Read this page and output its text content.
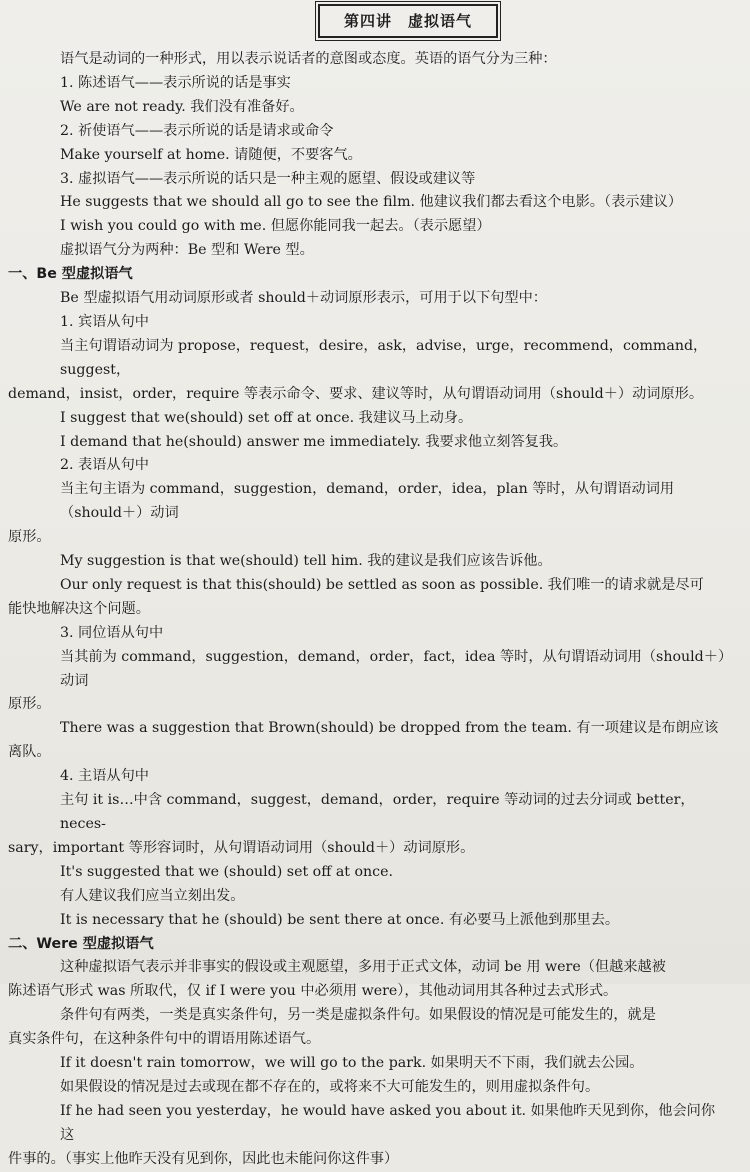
第四讲　虚拟语气

语气是动词的一种形式，用以表示说话者的意图或态度。英语的语气分为三种：

1. 陈述语气——表示所说的话是事实

We are not ready. 我们没有准备好。

2. 祈使语气——表示所说的话是请求或命令

Make yourself at home. 请随便，不要客气。

3. 虚拟语气——表示所说的话只是一种主观的愿望、假设或建议等

He suggests that we should all go to see the film. 他建议我们都去看这个电影。（表示建议）

I wish you could go with me. 但愿你能同我一起去。（表示愿望）

虚拟语气分为两种：Be 型和 Were 型。

一、Be 型虚拟语气

Be 型虚拟语气用动词原形或者 should＋动词原形表示，可用于以下句型中：

1. 宾语从句中

当主句谓语动词为 propose，request，desire，ask，advise，urge，recommend，command，suggest，

demand，insist，order，require 等表示命令、要求、建议等时，从句谓语动词用（should＋）动词原形。

I suggest that we(should) set off at once. 我建议马上动身。

I demand that he(should) answer me immediately. 我要求他立刻答复我。

2. 表语从句中

当主句主语为 command，suggestion，demand，order，idea，plan 等时，从句谓语动词用（should＋）动词

原形。

My suggestion is that we(should) tell him. 我的建议是我们应该告诉他。

Our only request is that this(should) be settled as soon as possible. 我们唯一的请求就是尽可

能快地解决这个问题。

3. 同位语从句中

当其前为 command，suggestion，demand，order，fact，idea 等时，从句谓语动词用（should＋）动词

原形。

There was a suggestion that Brown(should) be dropped from the team. 有一项建议是布朗应该

离队。

4. 主语从句中

主句 it is…中含 command，suggest，demand，order，require 等动词的过去分词或 better，neces-

sary，important 等形容词时，从句谓语动词用（should＋）动词原形。

It's suggested that we (should) set off at once.

有人建议我们应当立刻出发。

It is necessary that he (should) be sent there at once. 有必要马上派他到那里去。

二、Were 型虚拟语气

这种虚拟语气表示并非事实的假设或主观愿望，多用于正式文体，动词 be 用 were（但越来越被

陈述语气形式 was 所取代，仅 if I were you 中必须用 were），其他动词用其各种过去式形式。

条件句有两类，一类是真实条件句，另一类是虚拟条件句。如果假设的情况是可能发生的，就是

真实条件句，在这种条件句中的谓语用陈述语气。

If it doesn't rain tomorrow，we will go to the park. 如果明天不下雨，我们就去公园。

如果假设的情况是过去或现在都不存在的，或将来不大可能发生的，则用虚拟条件句。

If he had seen you yesterday，he would have asked you about it. 如果他昨天见到你，他会问你这

件事的。（事实上他昨天没有见到你，因此也未能问你这件事）
